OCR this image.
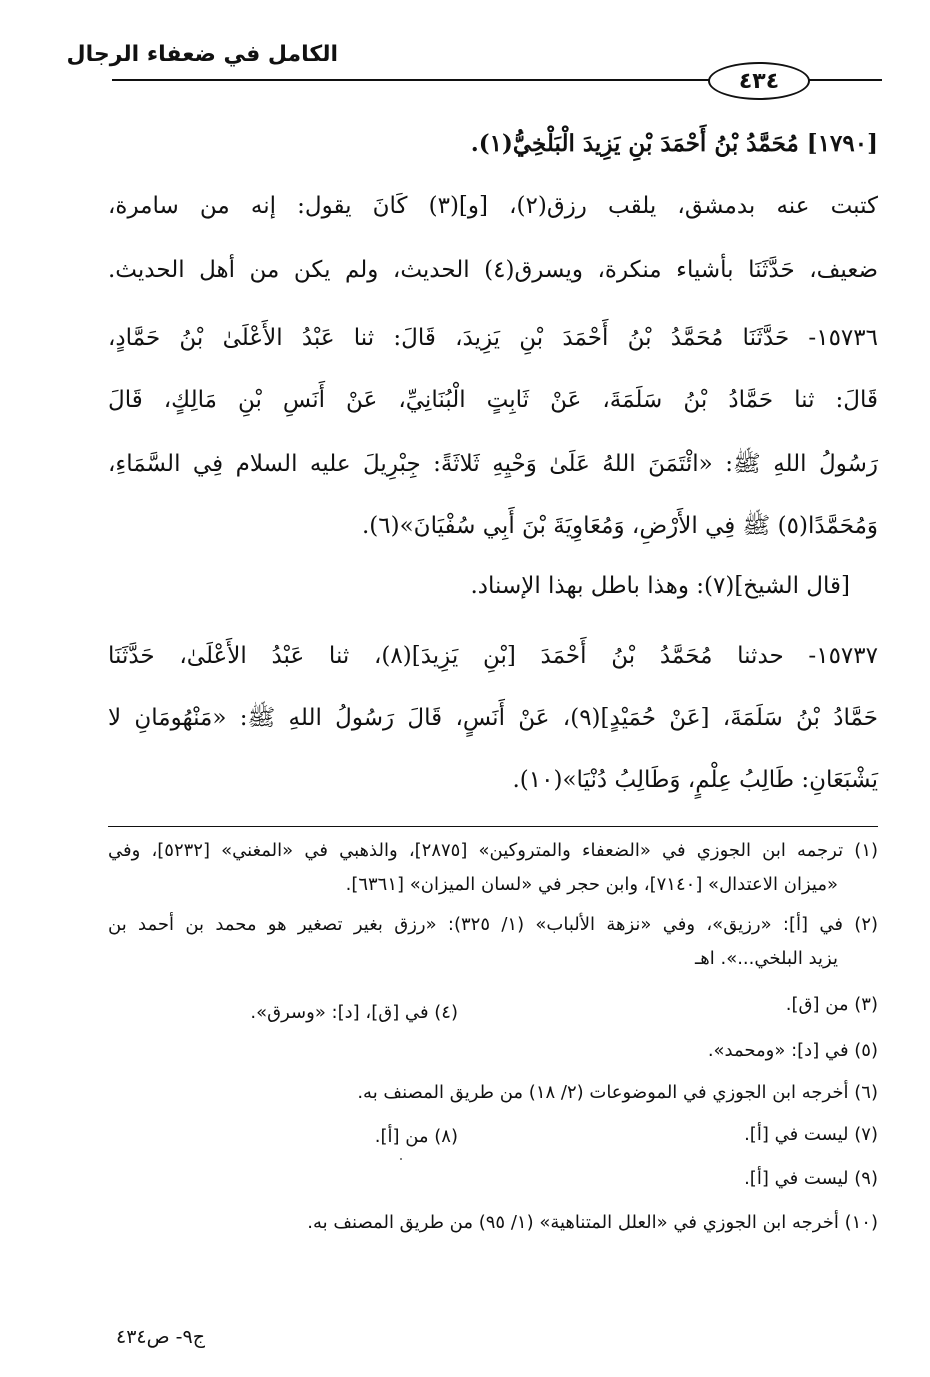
الكامل في ضعفاء الرجال
٤٣٤
[١٧٩٠] مُحَمَّدُ بْنُ أَحْمَدَ بْنِ يَزِيدَ الْبَلْخِيُّ(١).
كتبت عنه بدمشق، يلقب رزق(٢)، [و](٣) كَانَ يقول: إنه من سامرة،
ضعيف، حَدَّثَنَا بأشياء منكرة، ويسرق(٤) الحديث، ولم يكن من أهل الحديث.
١٥٧٣٦- حَدَّثَنَا مُحَمَّدُ بْنُ أَحْمَدَ بْنِ يَزِيدَ، قَالَ: ثنا عَبْدُ الأَعْلَىٰ بْنُ حَمَّادٍ،
قَالَ: ثنا حَمَّادُ بْنُ سَلَمَةَ، عَنْ ثَابِتٍ الْبُنَانِيِّ، عَنْ أَنَسِ بْنِ مَالِكٍ، قَالَ
رَسُولُ اللهِ ﷺ: «ائْتَمَنَ اللهُ عَلَىٰ وَحْيِهِ ثَلاثَةً: جِبْرِيلَ عليه السلام فِي السَّمَاءِ،
وَمُحَمَّدًا(٥) ﷺ فِي الأَرْضِ، وَمُعَاوِيَةَ بْنَ أَبِي سُفْيَانَ»(٦).
[قال الشيخ](٧): وهذا باطل بهذا الإسناد.
١٥٧٣٧- حدثنا مُحَمَّدُ بْنُ أَحْمَدَ [بْنِ يَزِيدَ](٨)، ثنا عَبْدُ الأَعْلَىٰ، حَدَّثَنَا
حَمَّادُ بْنُ سَلَمَةَ، [عَنْ حُمَيْدٍ](٩)، عَنْ أَنَسٍ، قَالَ رَسُولُ اللهِ ﷺ: «مَنْهُومَانِ لا
يَشْبَعَانِ: طَالِبُ عِلْمٍ، وَطَالِبُ دُنْيَا»(١٠).
(١) ترجمه ابن الجوزي في «الضعفاء والمتروكين» [٢٨٧٥]، والذهبي في «المغني» [٥٢٣٢]، وفي
«ميزان الاعتدال» [٧١٤٠]، وابن حجر في «لسان الميزان» [٦٣٦١].
(٢) في [أ]: «رزيق»، وفي «نزهة الألباب» (١/ ٣٢٥): «رزق بغير تصغير هو محمد بن أحمد بن
يزيد البلخي...». اهـ
(٣) من [ق].
(٤) في [ق]، [د]: «وسرق».
(٥) في [د]: «ومحمد».
(٦) أخرجه ابن الجوزي في الموضوعات (٢/ ١٨) من طريق المصنف به.
(٧) ليست في [أ].
(٨) من [أ].
(٩) ليست في [أ].
(١٠) أخرجه ابن الجوزي في «العلل المتناهية» (١/ ٩٥) من طريق المصنف به.
ج٩- ص٤٣٤
